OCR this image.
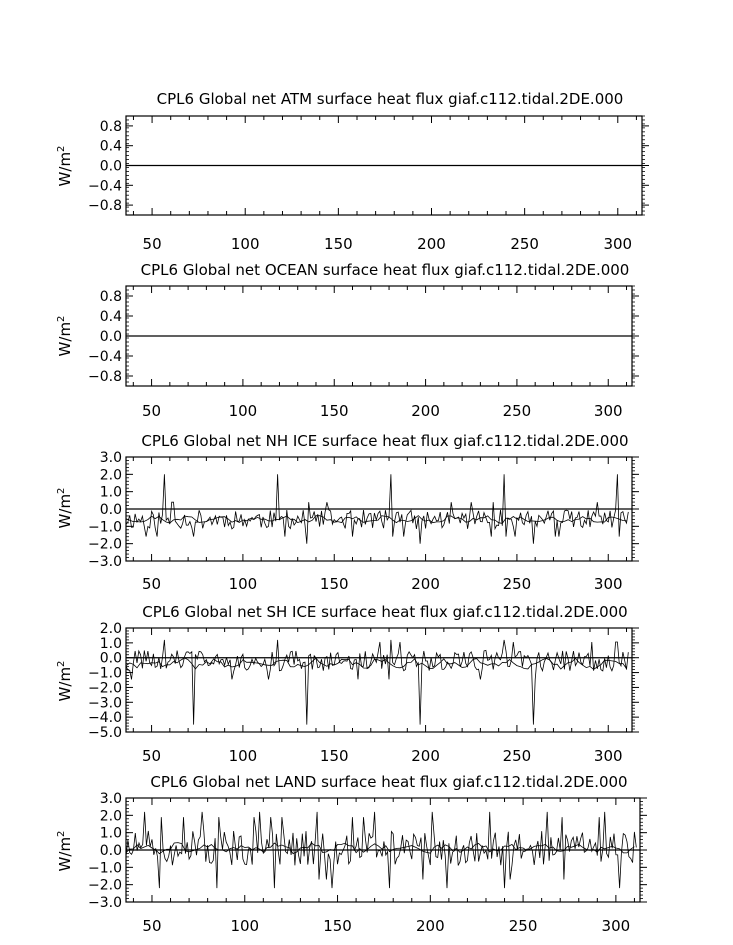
CPL6 Global net ATM surface heat flux giaf.c112.tidal.2DE.000
50	100	150	200	250	300
0.8
0.4
0.0
−0.4
−0.8
$W/m^2$
CPL6 Global net OCEAN surface heat flux giaf.c112.tidal.2DE.000
50	100	150	200	250	300
0.8
0.4
0.0
−0.4
−0.8
$W/m^2$
CPL6 Global net NH ICE surface heat flux giaf.c112.tidal.2DE.000
50	100	150	200	250	300
3.0
2.0
1.0
0.0
−1.0
−2.0
−3.0
$W/m^2$
CPL6 Global net SH ICE surface heat flux giaf.c112.tidal.2DE.000
50	100	150	200	250	300
2.0
1.0
0.0
−1.0
−2.0
−3.0
−4.0
−5.0
$W/m^2$
CPL6 Global net LAND surface heat flux giaf.c112.tidal.2DE.000
50	100	150	200	250	300
3.0
2.0
1.0
0.0
−1.0
−2.0
−3.0
$W/m^2$
